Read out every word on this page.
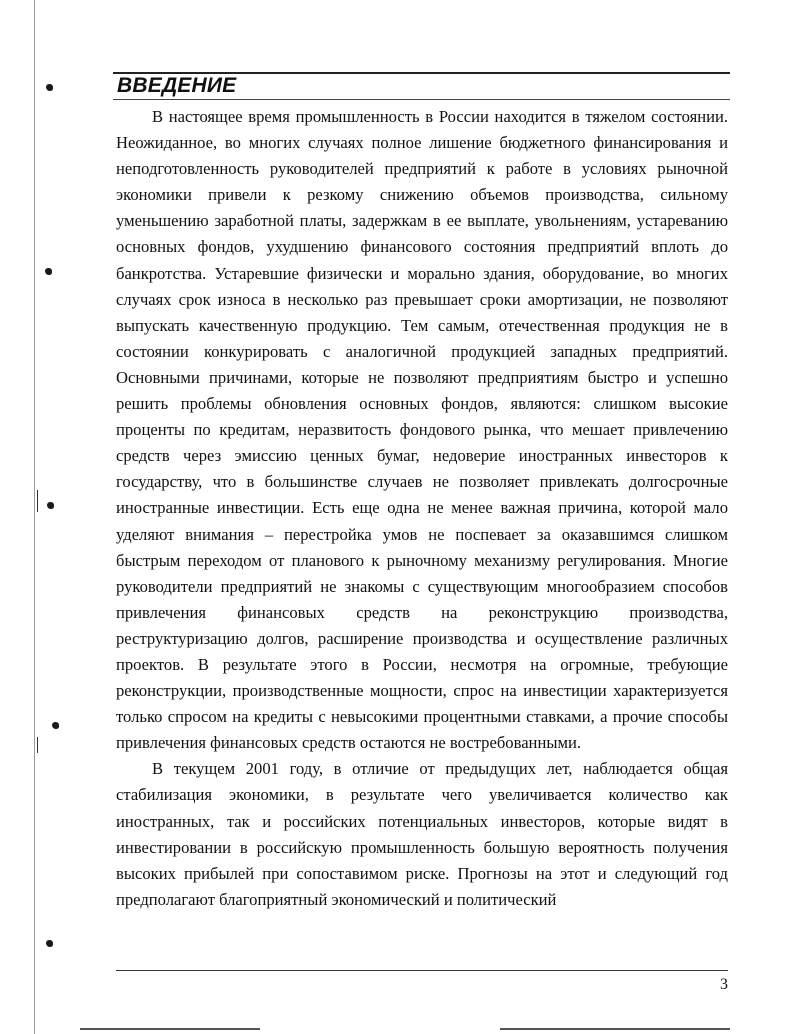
ВВЕДЕНИЕ

В настоящее время промышленность в России находится в тяжелом состоянии. Неожиданное, во многих случаях полное лишение бюджетного финансирования и неподготовленность руководителей предприятий к работе в условиях рыночной экономики привели к резкому снижению объемов производства, сильному уменьшению заработной платы, задержкам в ее выплате, увольнениям, устареванию основных фондов, ухудшению финансового состояния предприятий вплоть до банкротства. Устаревшие физически и морально здания, оборудование, во многих случаях срок износа в несколько раз превышает сроки амортизации, не позволяют выпускать качественную продукцию. Тем самым, отечественная продукция не в состоянии конкурировать с аналогичной продукцией западных предприятий. Основными причинами, которые не позволяют предприятиям быстро и успешно решить проблемы обновления основных фондов, являются: слишком высокие проценты по кредитам, неразвитость фондового рынка, что мешает привлечению средств через эмиссию ценных бумаг, недоверие иностранных инвесторов к государству, что в большинстве случаев не позволяет привлекать долгосрочные иностранные инвестиции. Есть еще одна не менее важная причина, которой мало уделяют внимания – перестройка умов не поспевает за оказавшимся слишком быстрым переходом от планового к рыночному механизму регулирования. Многие руководители предприятий не знакомы с существующим многообразием способов привлечения финансовых средств на реконструкцию производства, реструктуризацию долгов, расширение производства и осуществление различных проектов. В результате этого в России, несмотря на огромные, требующие реконструкции, производственные мощности, спрос на инвестиции характеризуется только спросом на кредиты с невысокими процентными ставками, а прочие способы привлечения финансовых средств остаются не востребованными.

В текущем 2001 году, в отличие от предыдущих лет, наблюдается общая стабилизация экономики, в результате чего увеличивается количество как иностранных, так и российских потенциальных инвесторов, которые видят в инвестировании в российскую промышленность большую вероятность получения высоких прибылей при сопоставимом риске. Прогнозы на этот и следующий год предполагают благоприятный экономический и политический

3
